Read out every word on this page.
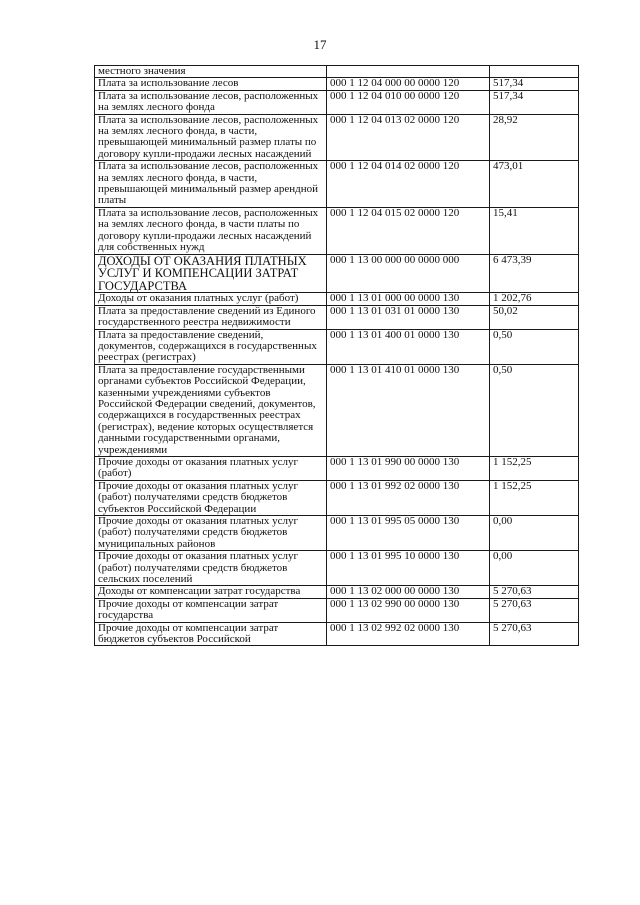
17
местного значения		
Плата за использование лесов	000 1 12 04 000 00 0000 120	517,34
Плата за использование лесов, расположенных на землях лесного фонда	000 1 12 04 010 00 0000 120	517,34
Плата за использование лесов, расположенных на землях лесного фонда, в части, превышающей минимальный размер платы по договору купли-продажи лесных насаждений	000 1 12 04 013 02 0000 120	28,92
Плата за использование лесов, расположенных на землях лесного фонда, в части, превышающей минимальный размер арендной платы	000 1 12 04 014 02 0000 120	473,01
Плата за использование лесов, расположенных на землях лесного фонда, в части платы по договору купли-продажи лесных насаждений для собственных нужд	000 1 12 04 015 02 0000 120	15,41
ДОХОДЫ ОТ ОКАЗАНИЯ ПЛАТНЫХ УСЛУГ И КОМПЕНСАЦИИ ЗАТРАТ ГОСУДАРСТВА	000 1 13 00 000 00 0000 000	6 473,39
Доходы от оказания платных услуг (работ)	000 1 13 01 000 00 0000 130	1 202,76
Плата за предоставление сведений из Единого государственного реестра недвижимости	000 1 13 01 031 01 0000 130	50,02
Плата за предоставление сведений, документов, содержащихся в государственных реестрах (регистрах)	000 1 13 01 400 01 0000 130	0,50
Плата за предоставление государственными органами субъектов Российской Федерации, казенными учреждениями субъектов Российской Федерации сведений, документов, содержащихся в государственных реестрах (регистрах), ведение которых осуществляется данными государственными органами, учреждениями	000 1 13 01 410 01 0000 130	0,50
Прочие доходы от оказания платных услуг (работ)	000 1 13 01 990 00 0000 130	1 152,25
Прочие доходы от оказания платных услуг (работ) получателями средств бюджетов субъектов Российской Федерации	000 1 13 01 992 02 0000 130	1 152,25
Прочие доходы от оказания платных услуг (работ) получателями средств бюджетов муниципальных районов	000 1 13 01 995 05 0000 130	0,00
Прочие доходы от оказания платных услуг (работ) получателями средств бюджетов сельских поселений	000 1 13 01 995 10 0000 130	0,00
Доходы от компенсации затрат государства	000 1 13 02 000 00 0000 130	5 270,63
Прочие доходы от компенсации затрат государства	000 1 13 02 990 00 0000 130	5 270,63
Прочие доходы от компенсации затрат бюджетов субъектов Российской	000 1 13 02 992 02 0000 130	5 270,63
